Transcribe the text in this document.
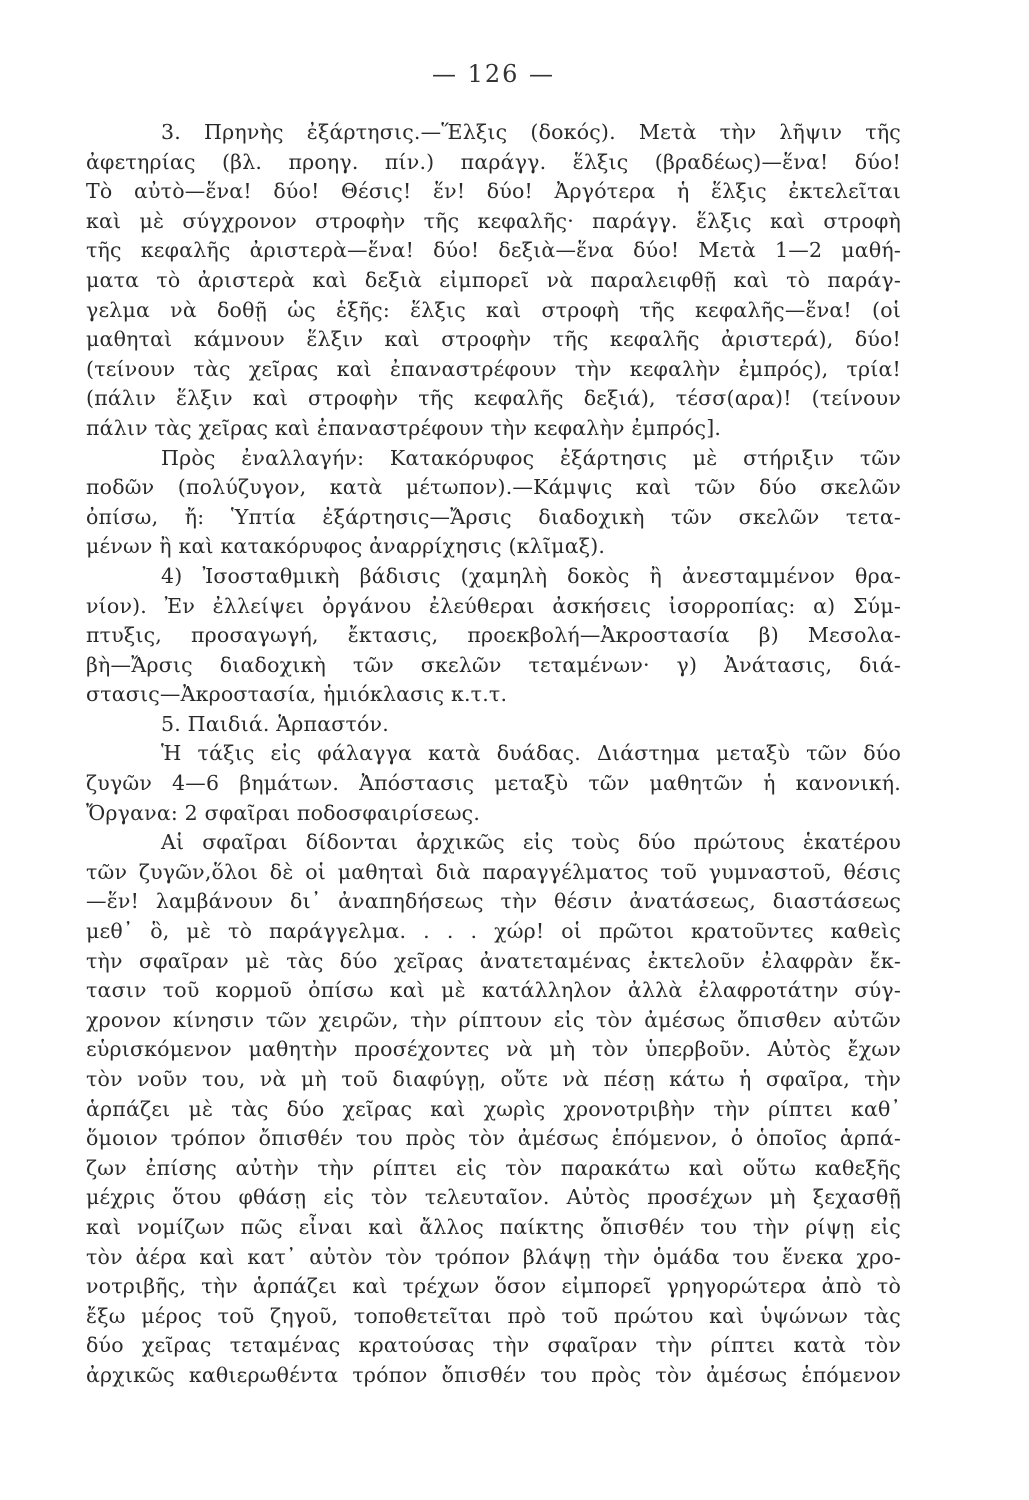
— 126 —
3. Πρηνὴς ἐξάρτησις.—Ἕλξις (δοκός). Μετὰ τὴν λῆψιν τῆς
ἀφετηρίας (βλ. προηγ. πίν.) παράγγ. ἕλξις (βραδέως)—ἕνα! δύο!
Τὸ αὐτὸ—ἕνα! δύο! Θέσις! ἕν! δύο! Ἀργότερα ἡ ἕλξις ἐκτελεῖται
καὶ μὲ σύγχρονον στροφὴν τῆς κεφαλῆς· παράγγ. ἕλξις καὶ στροφὴ
τῆς κεφαλῆς ἀριστερὰ—ἕνα! δύο! δεξιὰ—ἕνα δύο! Μετὰ 1—2 μαθή-
ματα τὸ ἀριστερὰ καὶ δεξιὰ εἰμπορεῖ νὰ παραλειφθῇ καὶ τὸ παράγ-
γελμα νὰ δοθῇ ὡς ἑξῆς: ἕλξις καὶ στροφὴ τῆς κεφαλῆς—ἕνα! (οἱ
μαθηταὶ κάμνουν ἕλξιν καὶ στροφὴν τῆς κεφαλῆς ἀριστερά), δύο!
(τείνουν τὰς χεῖρας καὶ ἐπαναστρέφουν τὴν κεφαλὴν ἐμπρός), τρία!
(πάλιν ἕλξιν καὶ στροφὴν τῆς κεφαλῆς δεξιά), τέσσ(αρα)! (τείνουν
πάλιν τὰς χεῖρας καὶ ἐπαναστρέφουν τὴν κεφαλὴν ἐμπρός].
Πρὸς ἐναλλαγήν: Κατακόρυφος ἐξάρτησις μὲ στήριξιν τῶν
ποδῶν (πολύζυγον, κατὰ μέτωπον).—Κάμψις καὶ τῶν δύο σκελῶν
ὀπίσω, ἤ: Ὑπτία ἐξάρτησις—Ἄρσις διαδοχικὴ τῶν σκελῶν τετα-
μένων ἢ καὶ κατακόρυφος ἀναρρίχησις (κλῖμαξ).
4) Ἰσοσταθμικὴ βάδισις (χαμηλὴ δοκὸς ἢ ἀνεσταμμένον θρα-
νίον). Ἐν ἐλλείψει ὀργάνου ἐλεύθεραι ἀσκήσεις ἰσορροπίας: α) Σύμ-
πτυξις, προσαγωγή, ἔκτασις, προεκβολή—Ἀκροστασία β) Μεσολα-
βὴ—Ἄρσις διαδοχικὴ τῶν σκελῶν τεταμένων· γ) Ἀνάτασις, διά-
στασις—Ἀκροστασία, ἡμιόκλασις κ.τ.τ.
5. Παιδιά. Ἁρπαστόν.
Ἡ τάξις εἰς φάλαγγα κατὰ δυάδας. Διάστημα μεταξὺ τῶν δύο
ζυγῶν 4—6 βημάτων. Ἀπόστασις μεταξὺ τῶν μαθητῶν ἡ κανονική.
Ὄργανα: 2 σφαῖραι ποδοσφαιρίσεως.
Αἱ σφαῖραι δίδονται ἀρχικῶς εἰς τοὺς δύο πρώτους ἑκατέρου
τῶν ζυγῶν,ὅλοι δὲ οἱ μαθηταὶ διὰ παραγγέλματος τοῦ γυμναστοῦ, θέσις
—ἕν! λαμβάνουν δι᾽ ἀναπηδήσεως τὴν θέσιν ἀνατάσεως, διαστάσεως
μεθ᾽ ὃ, μὲ τὸ παράγγελμα. . . . χώρ! οἱ πρῶτοι κρατοῦντες καθεὶς
τὴν σφαῖραν μὲ τὰς δύο χεῖρας ἀνατεταμένας ἐκτελοῦν ἐλαφρὰν ἔκ-
τασιν τοῦ κορμοῦ ὀπίσω καὶ μὲ κατάλληλον ἀλλὰ ἐλαφροτάτην σύγ-
χρονον κίνησιν τῶν χειρῶν, τὴν ρίπτουν εἰς τὸν ἀμέσως ὄπισθεν αὐτῶν
εὑρισκόμενον μαθητὴν προσέχοντες νὰ μὴ τὸν ὑπερβοῦν. Αὐτὸς ἔχων
τὸν νοῦν του, νὰ μὴ τοῦ διαφύγῃ, οὔτε νὰ πέσῃ κάτω ἡ σφαῖρα, τὴν
ἁρπάζει μὲ τὰς δύο χεῖρας καὶ χωρὶς χρονοτριβὴν τὴν ρίπτει καθ᾽
ὅμοιον τρόπον ὄπισθέν του πρὸς τὸν ἀμέσως ἑπόμενον, ὁ ὁποῖος ἁρπά-
ζων ἐπίσης αὐτὴν τὴν ρίπτει εἰς τὸν παρακάτω καὶ οὕτω καθεξῆς
μέχρις ὅτου φθάσῃ εἰς τὸν τελευταῖον. Αὐτὸς προσέχων μὴ ξεχασθῇ
καὶ νομίζων πῶς εἶναι καὶ ἄλλος παίκτης ὄπισθέν του τὴν ρίψῃ εἰς
τὸν ἀέρα καὶ κατ᾽ αὐτὸν τὸν τρόπον βλάψῃ τὴν ὁμάδα του ἕνεκα χρο-
νοτριβῆς, τὴν ἁρπάζει καὶ τρέχων ὅσον εἰμπορεῖ γρηγορώτερα ἀπὸ τὸ
ἔξω μέρος τοῦ ζηγοῦ, τοποθετεῖται πρὸ τοῦ πρώτου καὶ ὑψώνων τὰς
δύο χεῖρας τεταμένας κρατούσας τὴν σφαῖραν τὴν ρίπτει κατὰ τὸν
ἀρχικῶς καθιερωθέντα τρόπον ὄπισθέν του πρὸς τὸν ἀμέσως ἑπόμενον
